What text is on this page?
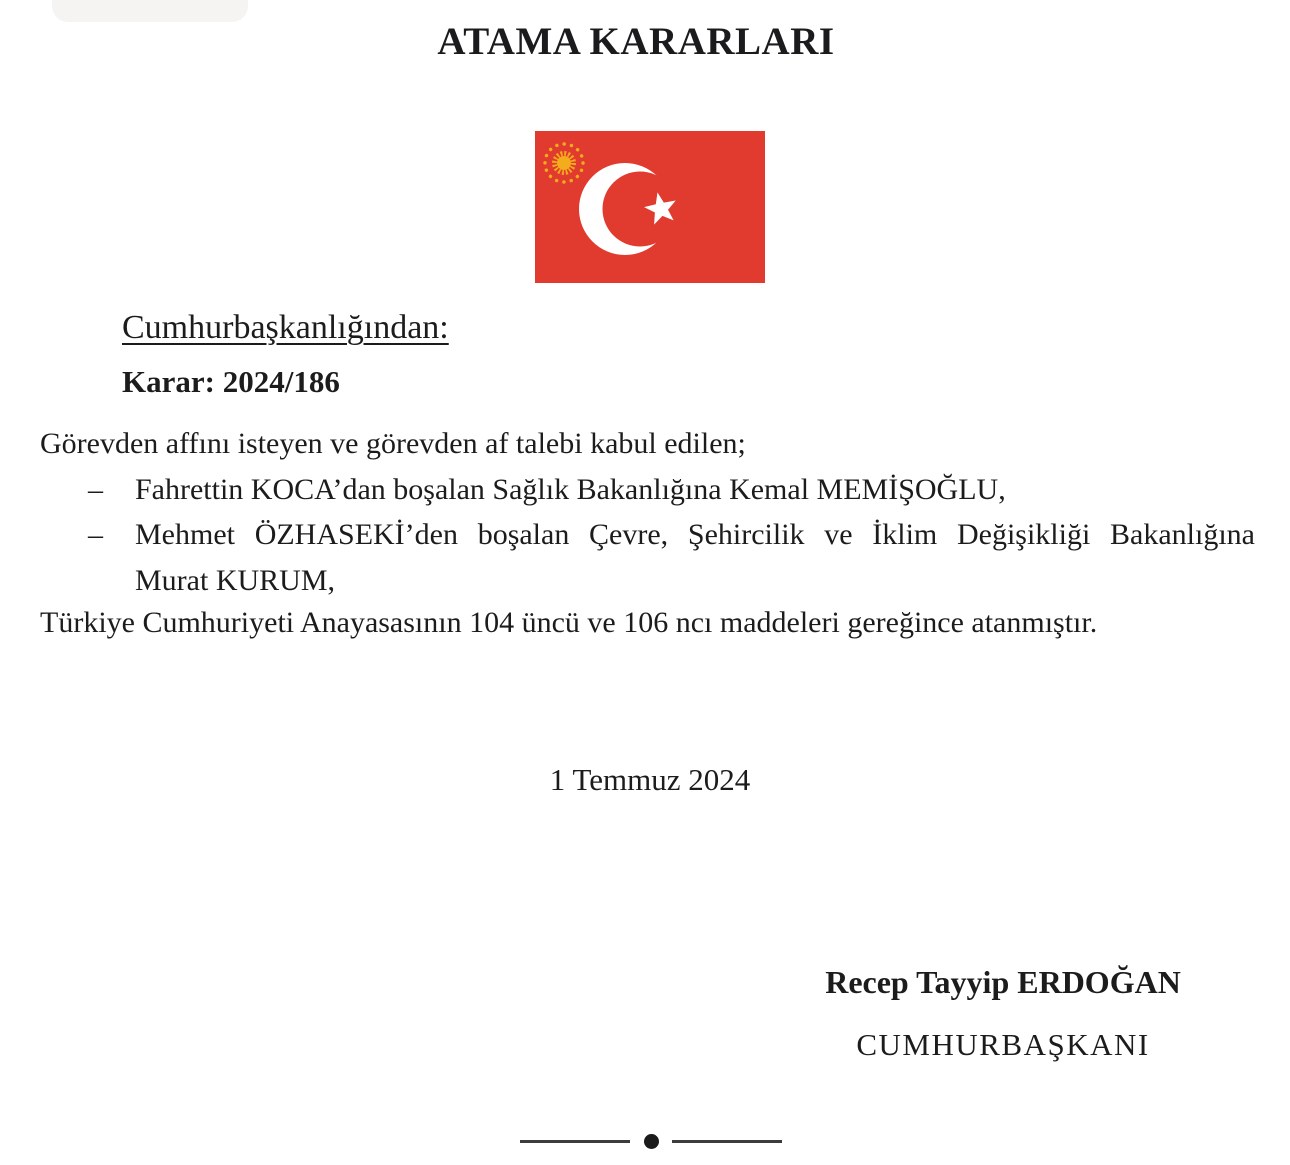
ATAMA KARARLARI
Cumhurbaşkanlığından:
Karar: 2024/186

Görevden affını isteyen ve görevden af talebi kabul edilen;

– Fahrettin KOCA’dan boşalan Sağlık Bakanlığına Kemal MEMİŞOĞLU,
– Mehmet ÖZHASEKİ’den boşalan Çevre, Şehircilik ve İklim Değişikliği Bakanlığına
Murat KURUM,

Türkiye Cumhuriyeti Anayasasının 104 üncü ve 106 ncı maddeleri gereğince atanmıştır.

1 Temmuz 2024
Recep Tayyip ERDOĞAN
CUMHURBAŞKANI
